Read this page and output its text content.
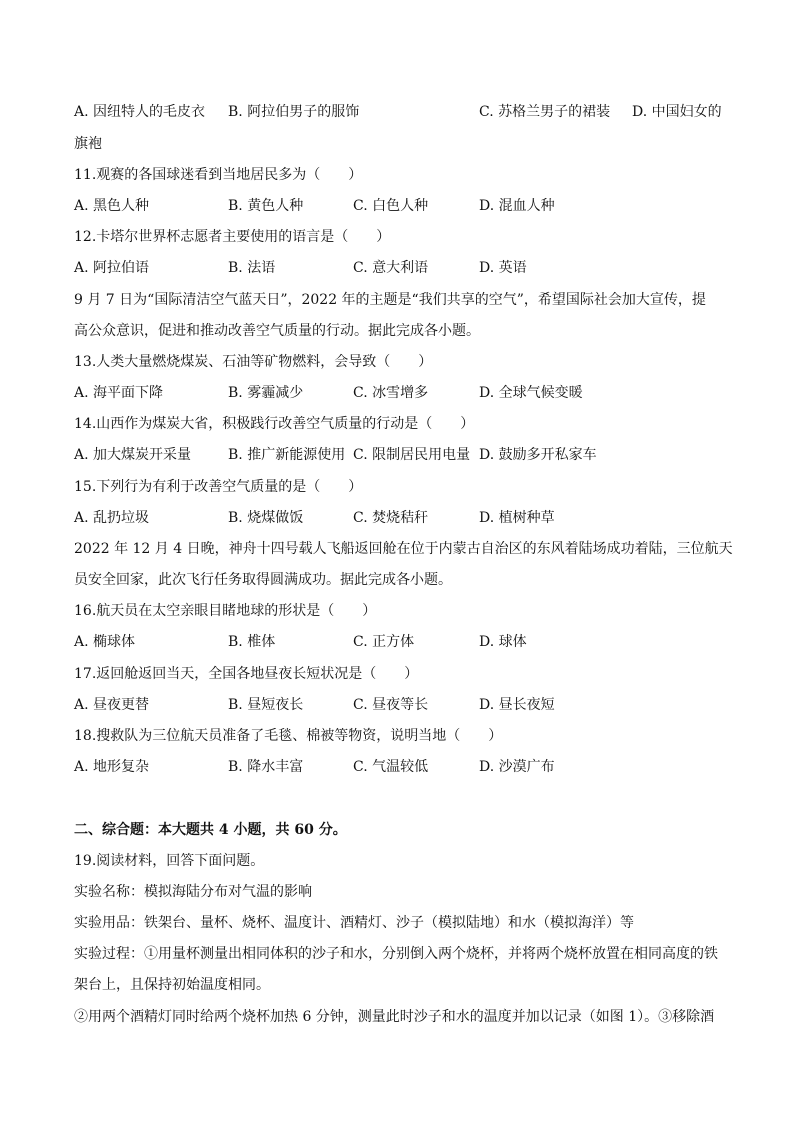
A. 因纽特人的毛皮衣 B. 阿拉伯男子的服饰	C. 苏格兰男子的裙装 D. 中国妇女的
旗袍
11.观赛的各国球迷看到当地居民多为（　　）
A. 黑色人种	B. 黄色人种	C. 白色人种	D. 混血人种
12.卡塔尔世界杯志愿者主要使用的语言是（　　）
A. 阿拉伯语	B. 法语	C. 意大利语	D. 英语
9 月 7 日为“国际清洁空气蓝天日”，2022 年的主题是“我们共享的空气”，希望国际社会加大宣传，提
高公众意识，促进和推动改善空气质量的行动。据此完成各小题。
13.人类大量燃烧煤炭、石油等矿物燃料，会导致（　　）
A. 海平面下降	B. 雾霾减少	C. 冰雪增多	D. 全球气候变暖
14.山西作为煤炭大省，积极践行改善空气质量的行动是（　　）
A. 加大煤炭开采量	B. 推广新能源使用 C. 限制居民用电量 D. 鼓励多开私家车
15.下列行为有利于改善空气质量的是（　　）
A. 乱扔垃圾	B. 烧煤做饭	C. 焚烧秸秆	D. 植树种草
2022 年 12 月 4 日晚，神舟十四号载人飞船返回舱在位于内蒙古自治区的东风着陆场成功着陆，三位航天
员安全回家，此次飞行任务取得圆满成功。据此完成各小题。
16.航天员在太空亲眼目睹地球的形状是（　　）
A. 椭球体	B. 椎体	C. 正方体	D. 球体
17.返回舱返回当天，全国各地昼夜长短状况是（　　）
A. 昼夜更替	B. 昼短夜长	C. 昼夜等长	D. 昼长夜短
18.搜救队为三位航天员准备了毛毯、棉被等物资，说明当地（　　）
A. 地形复杂	B. 降水丰富	C. 气温较低	D. 沙漠广布
二、综合题：本大题共 4 小题，共 60 分。
19.阅读材料，回答下面问题。
实验名称：模拟海陆分布对气温的影响
实验用品：铁架台、量杯、烧杯、温度计、酒精灯、沙子（模拟陆地）和水（模拟海洋）等
实验过程：①用量杯测量出相同体积的沙子和水，分别倒入两个烧杯，并将两个烧杯放置在相同高度的铁
架台上，且保持初始温度相同。
②用两个酒精灯同时给两个烧杯加热 6 分钟，测量此时沙子和水的温度并加以记录（如图 1）。③移除酒
